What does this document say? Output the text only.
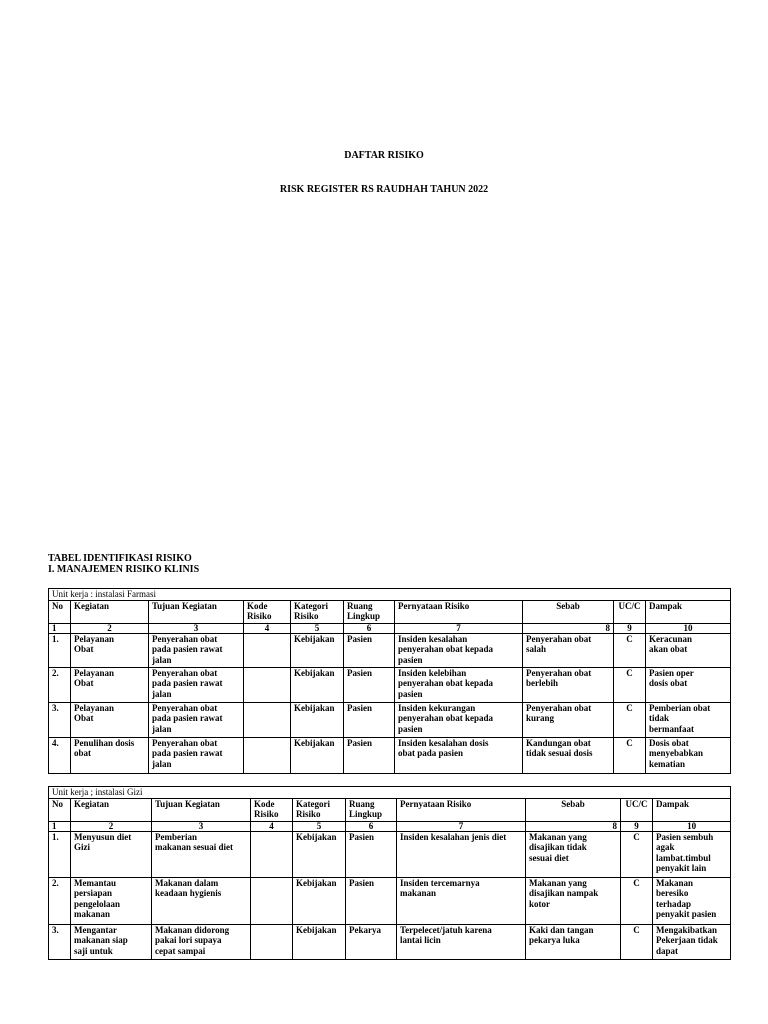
DAFTAR RISIKO
RISK REGISTER RS RAUDHAH TAHUN 2022
TABEL IDENTIFIKASI RISIKO
I. MANAJEMEN RISIKO KLINIS
Unit kerja : instalasi Farmasi									
No	Kegiatan	Tujuan Kegiatan	Kode
Risiko	Kategori
Risiko	Ruang
Lingkup	Pernyataan Risiko	Sebab	UC/C	Dampak
1	2	3	4	5	6	7	8	9	10
1.	Pelayanan
Obat	Penyerahan obat
pada pasien rawat
jalan		Kebijakan	Pasien	Insiden kesalahan
penyerahan obat kepada
pasien	Penyerahan obat
salah	C	Keracunan
akan obat
2.	Pelayanan
Obat	Penyerahan obat
pada pasien rawat
jalan		Kebijakan	Pasien	Insiden kelebihan
penyerahan obat kepada
pasien	Penyerahan obat
berlebih	C	Pasien oper
dosis obat
3.	Pelayanan
Obat	Penyerahan obat
pada pasien rawat
jalan		Kebijakan	Pasien	Insiden kekurangan
penyerahan obat kepada
pasien	Penyerahan obat
kurang	C	Pemberian obat
tidak
bermanfaat
4.	Penulihan dosis
obat	Penyerahan obat
pada pasien rawat
jalan		Kebijakan	Pasien	Insiden kesalahan dosis
obat pada pasien	Kandungan obat
tidak sesuai dosis	C	Dosis obat
menyebabkan
kematian
Unit kerja ; instalasi Gizi									
No	Kegiatan	Tujuan Kegiatan	Kode
Risiko	Kategori
Risiko	Ruang
Lingkup	Pernyataan Risiko	Sebab	UC/C	Dampak
1	2	3	4	5	6	7	8	9	10
1.	Menyusun diet
Gizi	Pemberian
makanan sesuai diet		Kebijakan	Pasien	Insiden kesalahan jenis diet	Makanan yang
disajikan tidak
sesuai diet	C	Pasien sembuh
agak
lambat.timbul
penyakit lain
2.	Memantau
persiapan
pengelolaan
makanan	Makanan dalam
keadaan hygienis		Kebijakan	Pasien	Insiden tercemarnya
makanan	Makanan yang
disajikan nampak
kotor	C	Makanan
beresiko
terhadap
penyakit pasien
3.	Mengantar
makanan siap
saji untuk	Makanan didorong
pakai lori supaya
cepat sampai		Kebijakan	Pekarya	Terpelecet/jatuh karena
lantai licin	Kaki dan tangan
pekarya luka	C	Mengakibatkan
Pekerjaan tidak
dapat
